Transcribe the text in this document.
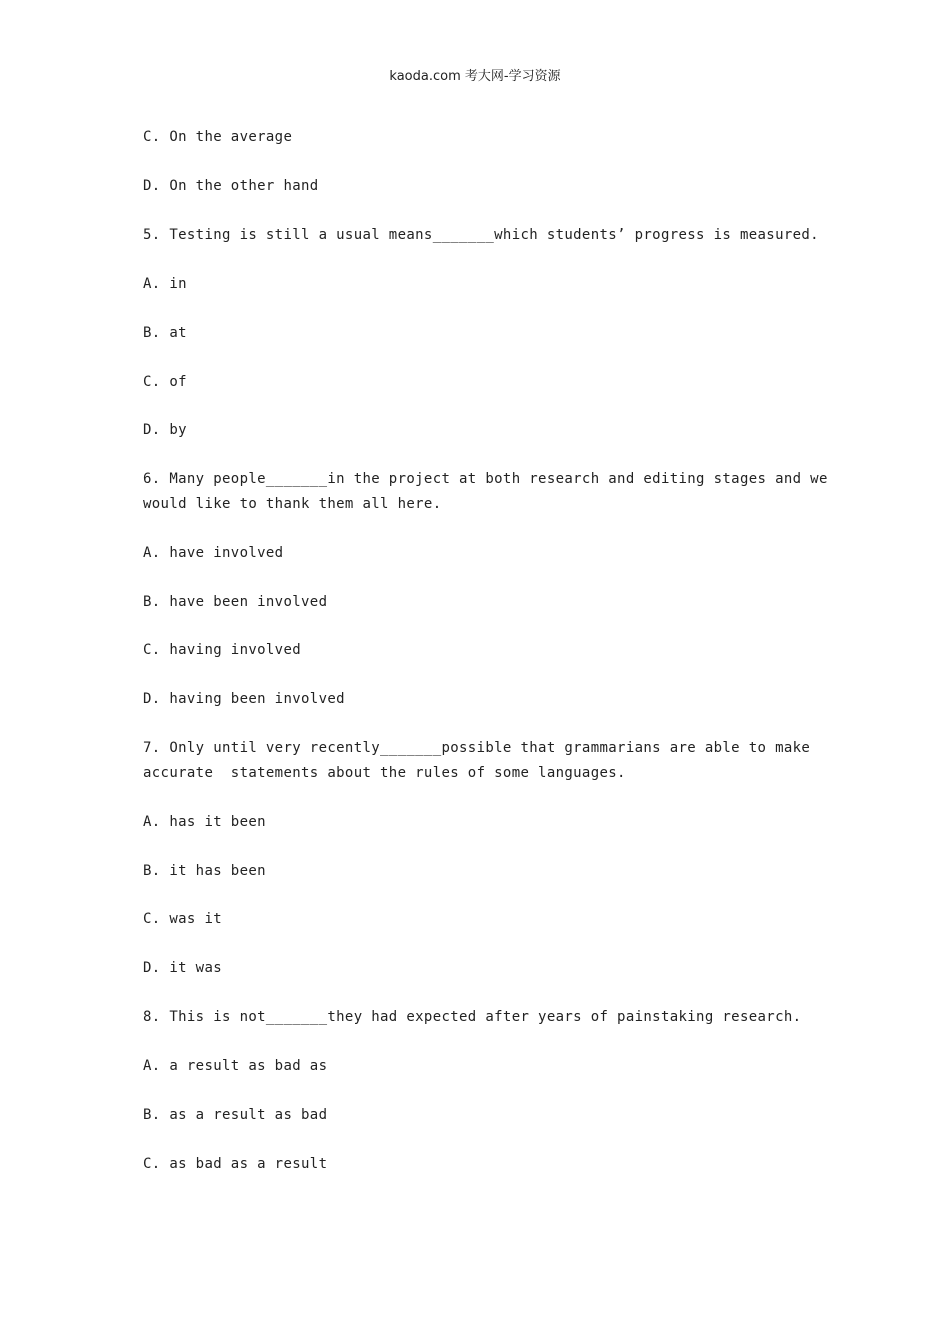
kaoda.com 考大网-学习资源
C. On the average
D. On the other hand
5. Testing is still a usual means_______which students’ progress is measured.
A. in
B. at
C. of
D. by
6. Many people_______in the project at both research and editing stages and we
would like to thank them all here.
A. have involved
B. have been involved
C. having involved
D. having been involved
7. Only until very recently_______possible that grammarians are able to make
accurate  statements about the rules of some languages.
A. has it been
B. it has been
C. was it
D. it was
8. This is not_______they had expected after years of painstaking research.
A. a result as bad as
B. as a result as bad
C. as bad as a result
